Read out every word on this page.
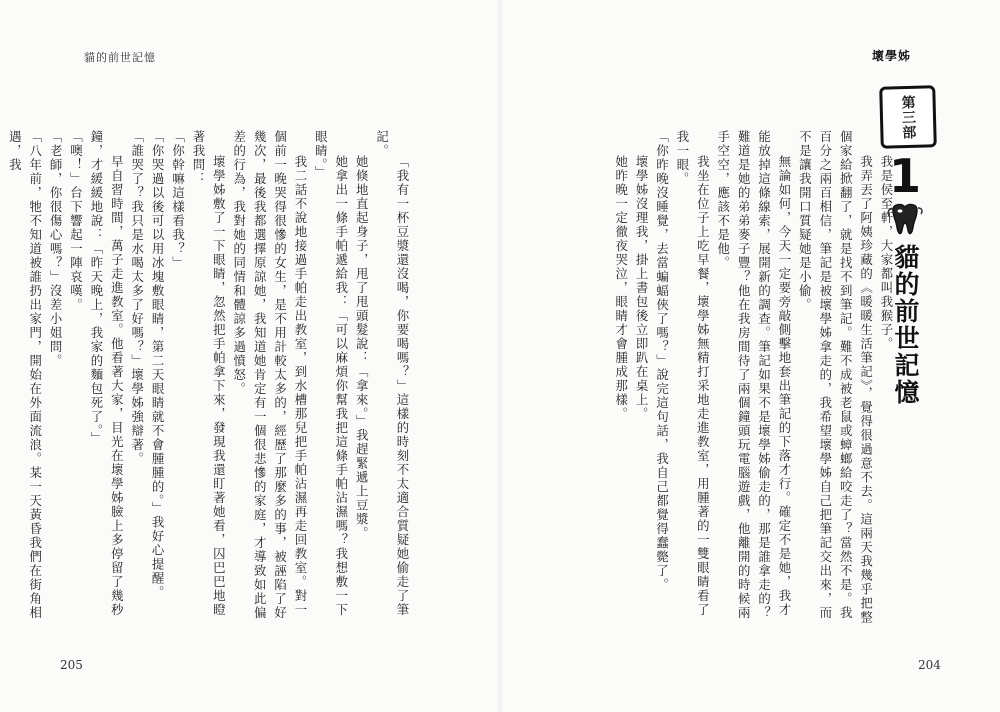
貓的前世記憶

「我有一杯豆漿還沒喝，你要喝嗎？」這樣的時刻不太適合質疑她偷走了筆記。

她倏地直起身子，甩了甩頭髮說：「拿來。」我趕緊遞上豆漿。

她拿出一條手帕遞給我：「可以麻煩你幫我把這條手帕沾濕嗎？我想敷一下眼睛。」

我二話不說地接過手帕走出教室，到水槽那兒把手帕沾濕再走回教室。對一個前一晚哭得很慘的女生，是不用計較太多的，經歷了那麼多的事，被誣陷了好幾次，最後我都選擇原諒她，我知道她肯定有一個很悲慘的家庭，才導致如此偏差的行為，我對她的同情和體諒多過憤怒。

壞學姊敷了一下眼睛，忽然把手帕拿下來，發現我還盯著她看，囚巴巴地瞪著我問：

「你幹嘛這樣看我？」

「你哭過以後可以用冰塊敷眼睛，第二天眼睛就不會腫腫的。」我好心提醒。

「誰哭了？我只是水喝太多了好嗎？」壞學姊強辯著。

早自習時間，萬子走進教室。他看著大家，目光在壞學姊臉上多停留了幾秒鐘，才緩緩地說：「昨天晚上，我家的麵包死了。」

「噢！」台下響起一陣哀嘆。

「老師，你很傷心嗎？」沒差小姐問。

「八年前，牠不知道被誰扔出家門，開始在外面流浪。某一天黃昏我們在街角相遇，我

205
壞學姊

我是侯至軒，大家都叫我猴子。

我弄丟了阿姨珍藏的《暖暖生活筆記》，覺得很過意不去。這兩天我幾乎把整個家給掀翻了，就是找不到筆記。難不成被老鼠或蟑螂給咬走了？當然不是。我百分之兩百相信，筆記是被壞學姊拿走的，我希望壞學姊自己把筆記交出來，而不是讓我開口質疑她是小偷。

無論如何，今天一定要旁敲側擊地套出筆記的下落才行。確定不是她，我才能放掉這條線索，展開新的調查。筆記如果不是壞學姊偷走的，那是誰拿走的？難道是她的弟弟麥子豐？他在我房間待了兩個鐘頭玩電腦遊戲，他離開的時候兩手空空，應該不是他。

我坐在位子上吃早餐，壞學姊無精打采地走進教室，用腫著的一雙眼睛看了我一眼。

「你昨晚沒睡覺，去當蝙蝠俠了嗎？」說完這句話，我自己都覺得蠢斃了。

壞學姊沒理我，掛上書包後立即趴在桌上。

她昨晚一定徹夜哭泣，眼睛才會腫成那樣。

第三部
1
貓的前世記憶
204
